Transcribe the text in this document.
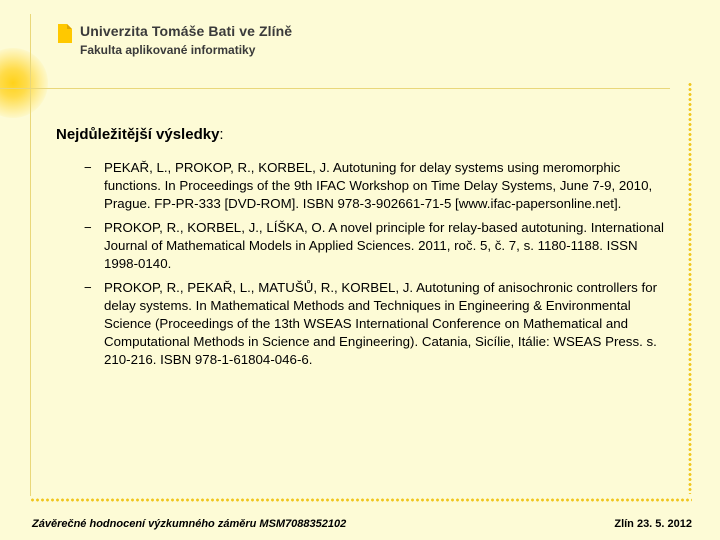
Univerzita Tomáše Bati ve Zlíně
Fakulta aplikované informatiky
Nejdůležitější výsledky:
− PEKAŘ, L., PROKOP, R., KORBEL, J. Autotuning for delay systems using meromorphic functions. In Proceedings of the 9th IFAC Workshop on Time Delay Systems, June 7-9, 2010, Prague. FP-PR-333 [DVD-ROM]. ISBN 978-3-902661-71-5 [www.ifac-papersonline.net].
− PROKOP, R., KORBEL, J., LÍŠKA, O. A novel principle for relay-based autotuning. International Journal of Mathematical Models in Applied Sciences. 2011, roč. 5, č. 7, s. 1180-1188. ISSN 1998-0140.
− PROKOP, R., PEKAŘ, L., MATUŠŮ, R., KORBEL, J. Autotuning of anisochronic controllers for delay systems. In Mathematical Methods and Techniques in Engineering & Environmental Science (Proceedings of the 13th WSEAS International Conference on Mathematical and Computational Methods in Science and Engineering). Catania, Sicílie, Itálie: WSEAS Press. s. 210-216. ISBN 978-1-61804-046-6.
Závěrečné hodnocení výzkumného záměru MSM7088352102	Zlín 23. 5. 2012
